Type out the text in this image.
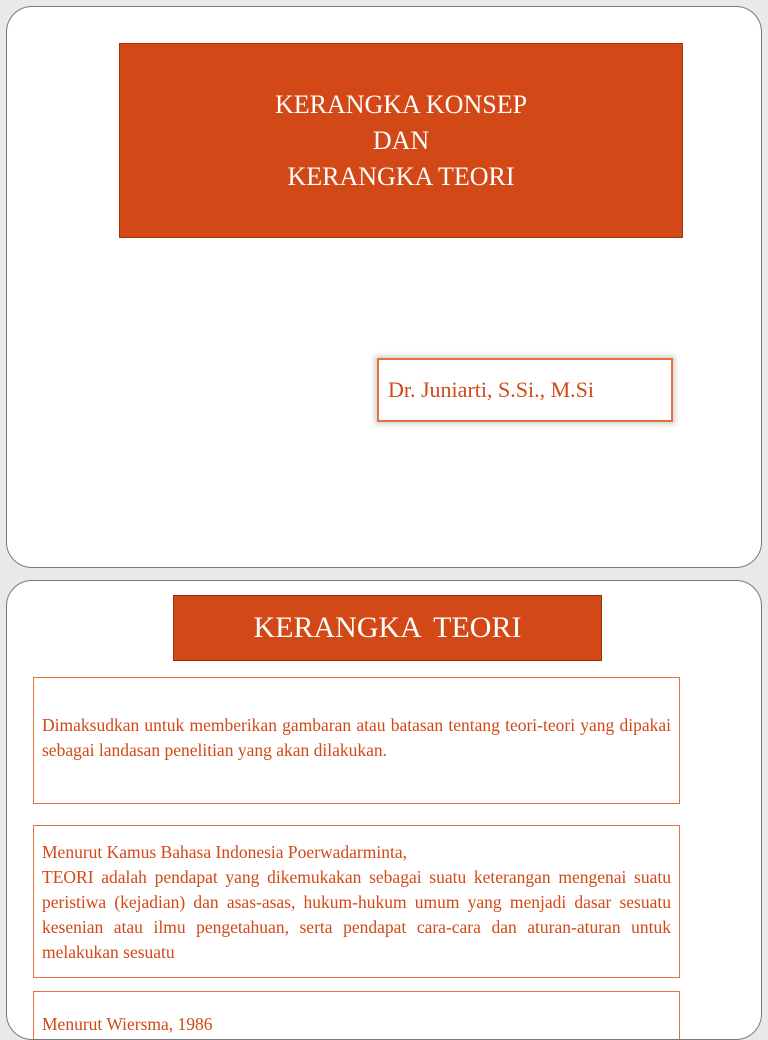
KERANGKA KONSEP
DAN
KERANGKA TEORI
Dr. Juniarti, S.Si., M.Si
KERANGKA TEORI
Dimaksudkan untuk memberikan gambaran atau batasan tentang teori-teori yang dipakai sebagai landasan penelitian yang akan dilakukan.
Menurut Kamus Bahasa Indonesia Poerwadarminta,
TEORI adalah pendapat yang dikemukakan sebagai suatu keterangan mengenai suatu peristiwa (kejadian) dan asas-asas, hukum-hukum umum yang menjadi dasar sesuatu kesenian atau ilmu pengetahuan, serta pendapat cara-cara dan aturan-aturan untuk melakukan sesuatu
Menurut Wiersma, 1986
